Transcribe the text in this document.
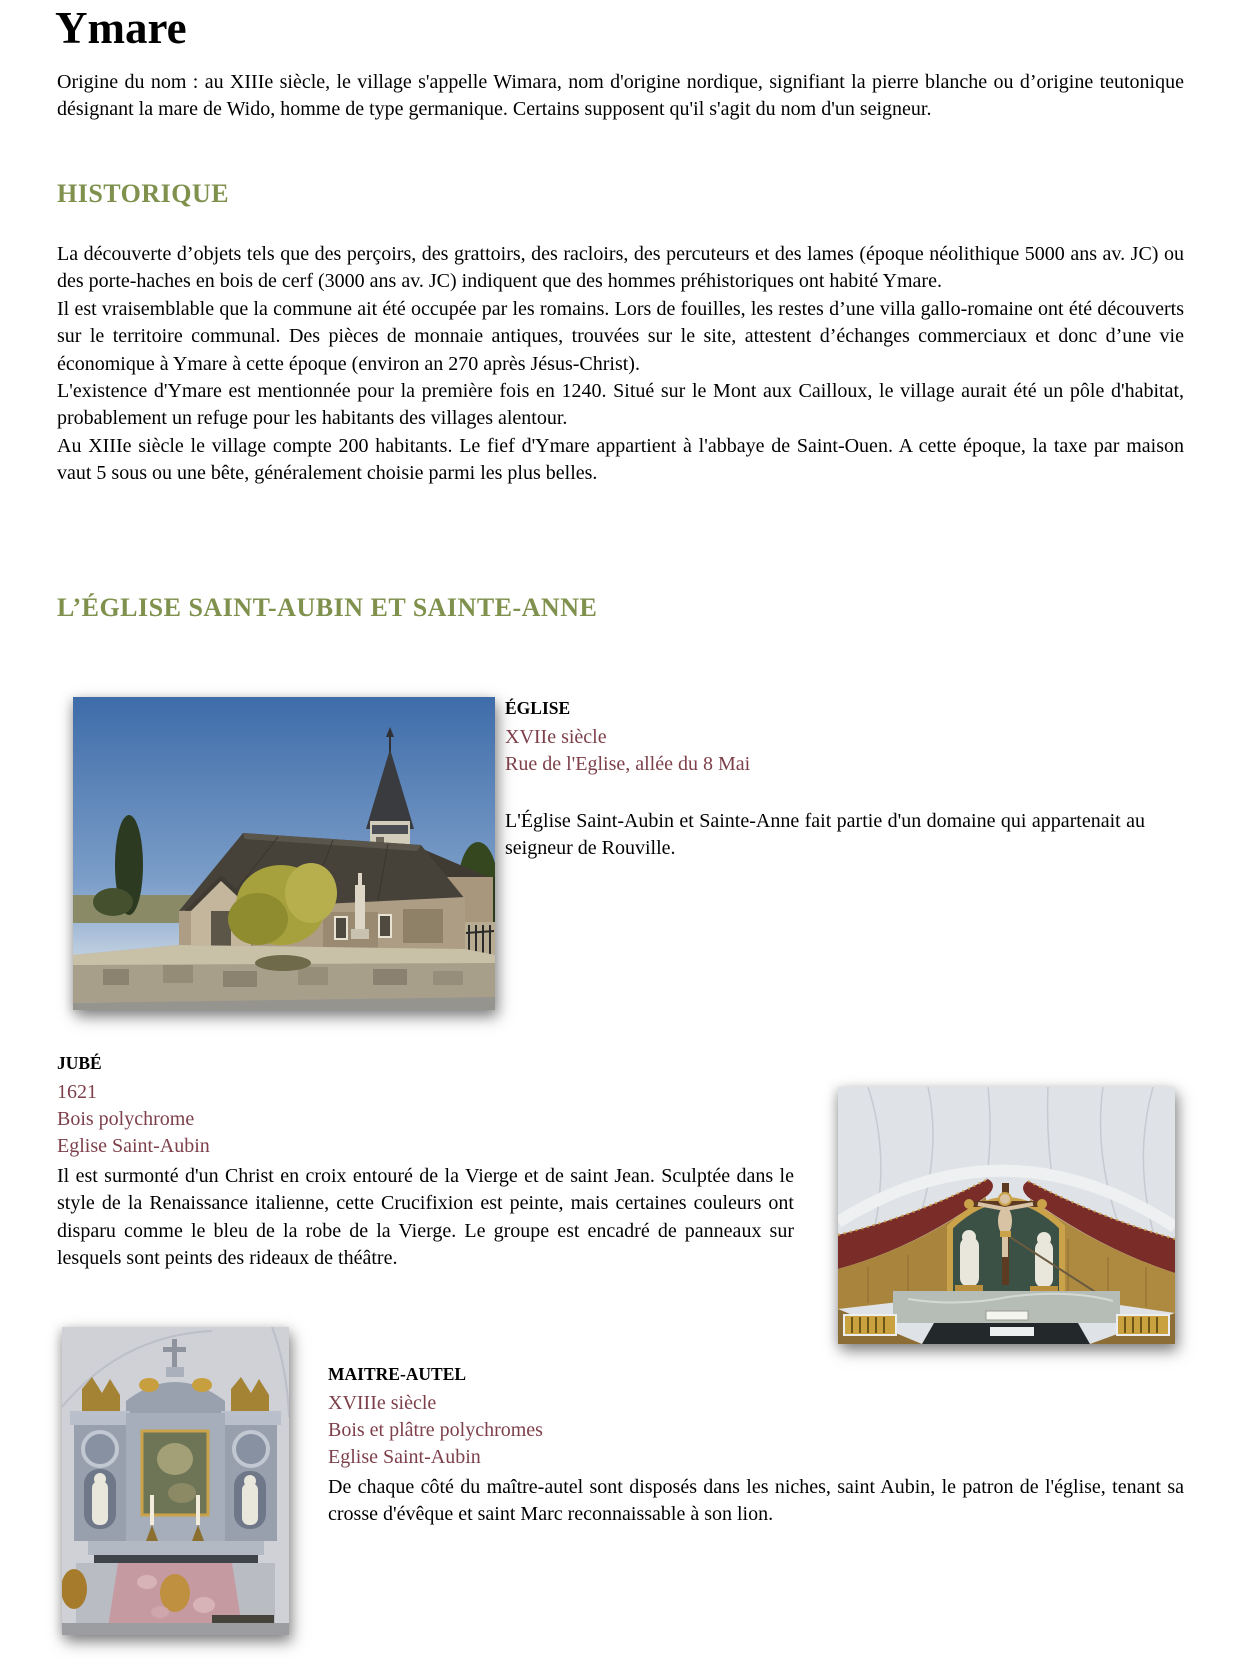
Ymare

Origine du nom : au XIIIe siècle, le village s'appelle Wimara, nom d'origine nordique, signifiant la pierre blanche ou d’origine teutonique désignant la mare de Wido, homme de type germanique. Certains supposent qu'il s'agit du nom d'un seigneur.

HISTORIQUE

La découverte d’objets tels que des perçoirs, des grattoirs, des racloirs, des percuteurs et des lames (époque néolithique 5000 ans av. JC) ou des porte-haches en bois de cerf (3000 ans av. JC) indiquent que des hommes préhistoriques ont habité Ymare.

Il est vraisemblable que la commune ait été occupée par les romains. Lors de fouilles, les restes d’une villa gallo-romaine ont été découverts sur le territoire communal. Des pièces de monnaie antiques, trouvées sur le site, attestent d’échanges commerciaux et donc d’une vie économique à Ymare à cette époque (environ an 270 après Jésus-Christ).

L'existence d'Ymare est mentionnée pour la première fois en 1240. Situé sur le Mont aux Cailloux, le village aurait été un pôle d'habitat, probablement un refuge pour les habitants des villages alentour.

Au XIIIe siècle le village compte 200 habitants. Le fief d'Ymare appartient à l'abbaye de Saint-Ouen. A cette époque, la taxe par maison vaut 5 sous ou une bête, généralement choisie parmi les plus belles.

L’ÉGLISE SAINT-AUBIN ET SAINTE-ANNE
ÉGLISE
XVIIe siècle
Rue de l'Eglise, allée du 8 Mai

L'Église Saint-Aubin et Sainte-Anne fait partie d'un domaine qui appartenait au seigneur de Rouville.

JUBÉ
1621
Bois polychrome
Eglise Saint-Aubin

Il est surmonté d'un Christ en croix entouré de la Vierge et de saint Jean. Sculptée dans le style de la Renaissance italienne, cette Crucifixion est peinte, mais certaines couleurs ont disparu comme le bleu de la robe de la Vierge. Le groupe est encadré de panneaux sur lesquels sont peints des rideaux de théâtre.

MAITRE-AUTEL
XVIIIe siècle
Bois et plâtre polychromes
Eglise Saint-Aubin

De chaque côté du maître-autel sont disposés dans les niches, saint Aubin, le patron de l'église, tenant sa crosse d'évêque et saint Marc reconnaissable à son lion.
